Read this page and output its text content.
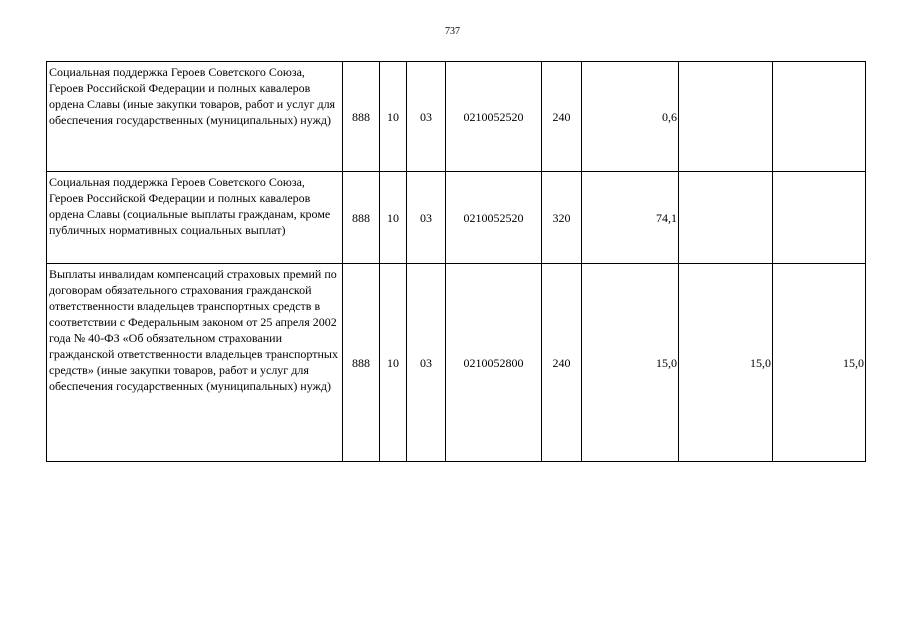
737
Социальная поддержка Героев Советского Союза, Героев Российской Федерации и полных кавалеров ордена Славы (иные закупки товаров, работ и услуг для обеспечения государственных (муниципальных) нужд)	888	10	03	0210052520	240	0,6		
Социальная поддержка Героев Советского Союза, Героев Российской Федерации и полных кавалеров ордена Славы (социальные выплаты гражданам, кроме публичных нормативных социальных выплат)	888	10	03	0210052520	320	74,1		
Выплаты инвалидам компенсаций страховых премий по договорам обязательного страхования гражданской ответственности владельцев транспортных средств в соответствии с Федеральным законом от 25 апреля 2002 года № 40-ФЗ «Об обязательном страховании гражданской ответственности владельцев транспортных средств» (иные закупки товаров, работ и услуг для обеспечения государственных (муниципальных) нужд)	888	10	03	0210052800	240	15,0	15,0	15,0
